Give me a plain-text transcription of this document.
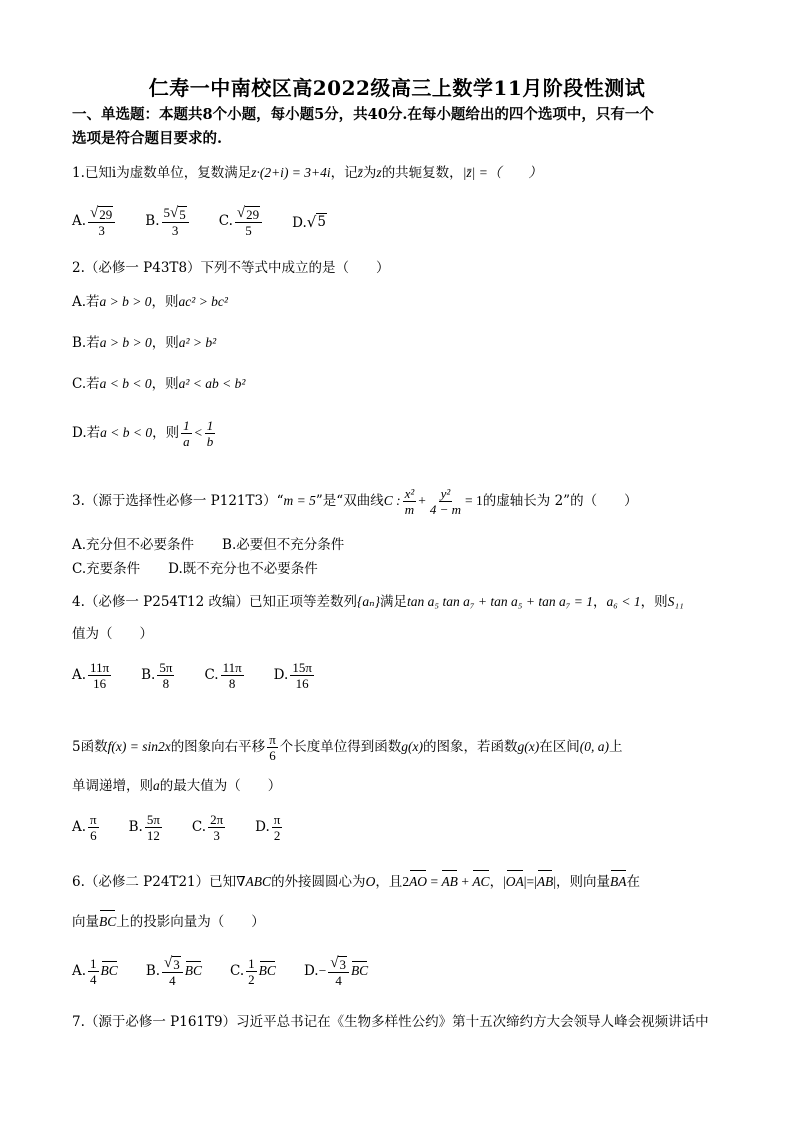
仁寿一中南校区高2022级高三上数学11月阶段性测试
一、单选题：本题共8个小题，每小题5分，共40分.在每小题给出的四个选项中，只有一个
选项是符合题目要求的.
1.已知i为虚数单位，复数满足z·(2+i) = 3+4i，记z̄为z的共轭复数，|z̄| =（　　）
A. $\frac{√ 29}{3} B$. $\frac{5 √ 5}{3} C$. $\frac{√ 29}{5} D$. √ 5
2.（必修一 P43T8）下列不等式中成立的是（　　）
A.若a > b > 0，则ac² > bc²
B.若a > b > 0，则a² > b²
C.若a < b < 0，则a² < ab < b²
D.若a < b < 0，则 $\frac{1}{a} < \frac{1}{b}$
3.（源于选择性必修一 P121T3）“m = 5”是“双曲线C : $\frac{\text{x²}}{m} + \frac{\text{y²}}{4 - m} = 1$的虚轴长为 2”的（　　）
A.充分但不必要条件 B.必要但不充分条件
C.充要条件 D.既不充分也不必要条件
4.（必修一 P254T12 改编）已知正项等差数列{aₙ}满足tan a₅ tan a₇ + tan a₅ + tan a₇ = 1，a₆ < 1，则S₁₁
值为（　　）
A. $\frac{11\pi}{16} B$. $\frac{5\pi}{8} C$. $\frac{11\pi}{8} D$. $\frac{15\pi}{16}$
5函数f(x) = sin2x的图象向右平移 $\frac{\pi}{6}$ 个长度单位得到函数g(x)的图象，若函数g(x)在区间(0, a)上
单调递增，则a的最大值为（　　）
A. $\frac{\pi}{6} B$. $\frac{5\pi}{12} C$. $\frac{2\pi}{3} D$. $\frac{\pi}{2}$
6.（必修二 P24T21）已知∇ABC的外接圆圆心为O，且2AO = AB + AC，|OA|=|AB|，则向量BA在
向量BC上的投影向量为（　　）
A. $\frac{1}{4}$ BC B. $\frac{√ 3}{4}$ BC C. $\frac{1}{2}$ BC $D.- \frac{√ 3}{4}$ BC
7.（源于必修一 P161T9）习近平总书记在《生物多样性公约》第十五次缔约方大会领导人峰会视频讲话中
